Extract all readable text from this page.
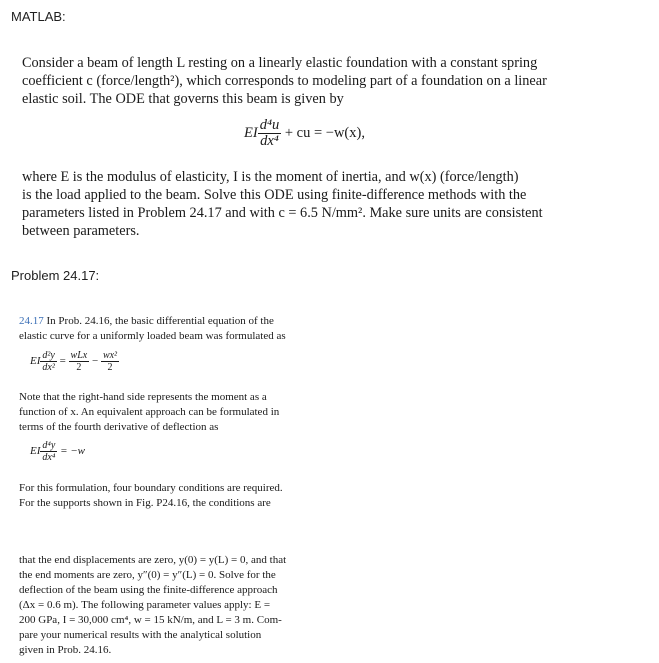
MATLAB:
Consider a beam of length L resting on a linearly elastic foundation with a constant spring
coefficient c (force/length²), which corresponds to modeling part of a foundation on a linear
elastic soil. The ODE that governs this beam is given by
EI $\frac{\text{d⁴u}}{\text{dx⁴}}$ + cu = −w(x),
where E is the modulus of elasticity, I is the moment of inertia, and w(x) (force/length)
is the load applied to the beam. Solve this ODE using finite-difference methods with the
parameters listed in Problem 24.17 and with c = 6.5 N/mm². Make sure units are consistent
between parameters.
Problem 24.17:
24.17 In Prob. 24.16, the basic differential equation of the
elastic curve for a uniformly loaded beam was formulated as
EI $\frac{\text{d²y}}{\text{dx²}} = \frac{\text{wLx}}{2} - \frac{\text{wx²}}{2}$
Note that the right-hand side represents the moment as a
function of x. An equivalent approach can be formulated in
terms of the fourth derivative of deflection as
EI $\frac{\text{d⁴y}}{\text{dx⁴}} = -w$
For this formulation, four boundary conditions are required.
For the supports shown in Fig. P24.16, the conditions are
that the end displacements are zero, y(0) = y(L) = 0, and that
the end moments are zero, y″(0) = y″(L) = 0. Solve for the
deflection of the beam using the finite-difference approach
(Δx = 0.6 m). The following parameter values apply: E =
200 GPa, I = 30,000 cm⁴, w = 15 kN/m, and L = 3 m. Com-
pare your numerical results with the analytical solution
given in Prob. 24.16.
